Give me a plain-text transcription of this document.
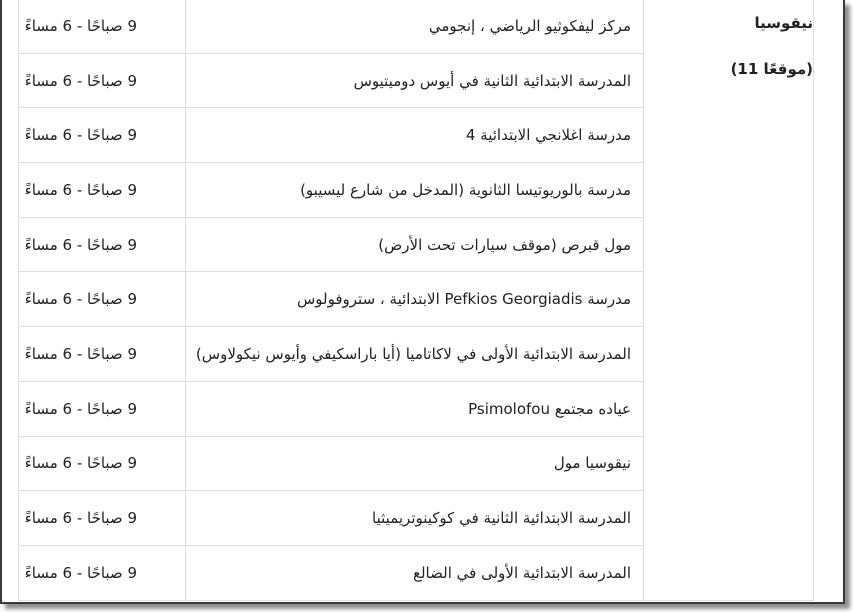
9 صباحًا - 6 مساءً	مركز ليفكوثيو الرياضي ، إنجومي	نيقوسيا
(موقعًا 11)

9 صباحًا - 6 مساءً	المدرسة الابتدائية الثانية في أيوس دوميتيوس	
9 صباحًا - 6 مساءً	مدرسة اغلانجي الابتدائية 4	
9 صباحًا - 6 مساءً	مدرسة بالوريوتيسا الثانوية (المدخل من شارع ليسيبو)	
9 صباحًا - 6 مساءً	مول قبرص (موقف سيارات تحت الأرض)	
9 صباحًا - 6 مساءً	مدرسة Pefkios Georgiadis الابتدائية ، ستروفولوس	
9 صباحًا - 6 مساءً	المدرسة الابتدائية الأولى في لاكاتاميا (أيا باراسكيفي وأيوس نيكولاوس)	
9 صباحًا - 6 مساءً	عياده مجتمع Psimolofou	
9 صباحًا - 6 مساءً	نيقوسيا مول	
9 صباحًا - 6 مساءً	المدرسة الابتدائية الثانية في كوكينوتريميثيا	
9 صباحًا - 6 مساءً	المدرسة الابتدائية الأولى في الضالع	
